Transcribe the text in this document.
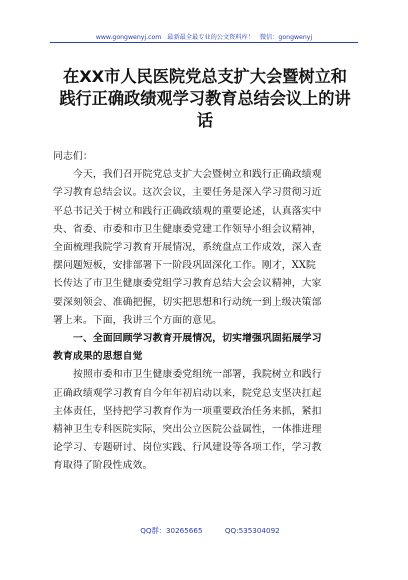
www.gongwenyj.com 最新最全最专业的公文资料库！ 微信：gongwenyj
在XX市人民医院党总支扩大会暨树立和
践行正确政绩观学习教育总结会议上的讲
话

同志们：

今天，我们召开院党总支扩大会暨树立和践行正确政绩观
学习教育总结会议。这次会议，主要任务是深入学习贯彻习近
平总书记关于树立和践行正确政绩观的重要论述，认真落实中
央、省委、市委和市卫生健康委党建工作领导小组会议精神，
全面梳理我院学习教育开展情况，系统盘点工作成效，深入查
摆问题短板，安排部署下一阶段巩固深化工作。刚才，XX院
长传达了市卫生健康委党组学习教育总结大会会议精神，大家
要深刻领会、准确把握，切实把思想和行动统一到上级决策部
署上来。下面，我讲三个方面的意见。

一、全面回顾学习教育开展情况，切实增强巩固拓展学习
教育成果的思想自觉

按照市委和市卫生健康委党组统一部署，我院树立和践行
正确政绩观学习教育自今年年初启动以来，院党总支坚决扛起
主体责任，坚持把学习教育作为一项重要政治任务来抓，紧扣
精神卫生专科医院实际，突出公立医院公益属性，一体推进理
论学习、专题研讨、岗位实践、行风建设等各项工作，学习教
育取得了阶段性成效。

QQ群：30265665	QQ:535304092
